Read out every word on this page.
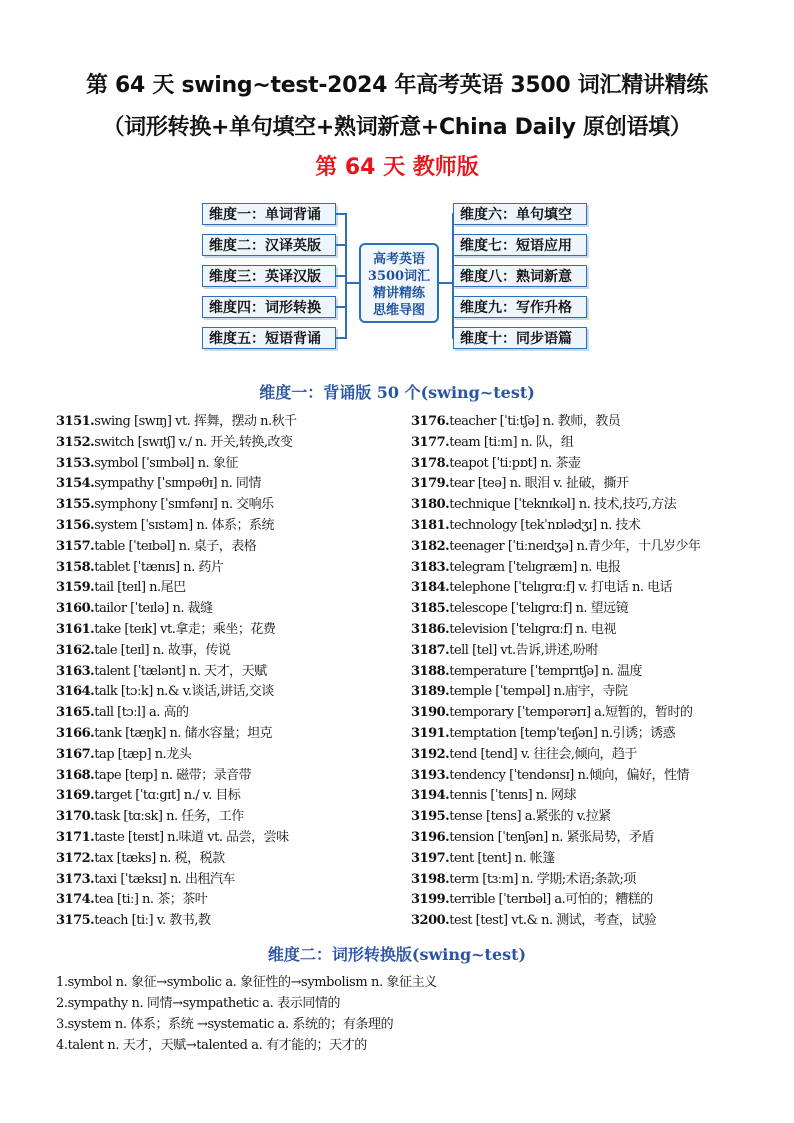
第 64 天 swing~test-2024 年高考英语 3500 词汇精讲精练
（词形转换+单句填空+熟词新意+China Daily 原创语填）
第 64 天 教师版
维度一：单词背诵
维度二：汉译英版
维度三：英译汉版
维度四：词形转换
维度五：短语背诵
高考英语
3500词汇
精讲精练
思维导图
维度六：单句填空
维度七：短语应用
维度八：熟词新意
维度九：写作升格
维度十：同步语篇
维度一：背诵版 50 个(swing~test)
3151.swing [swɪŋ] vt. 挥舞，摆动 n.秋千
3152.switch [swɪtʃ] v./ n. 开关,转换,改变
3153.symbol [ˈsɪmbəl] n. 象征
3154.sympathy [ˈsɪmpəθɪ] n. 同情
3155.symphony [ˈsɪmfənɪ] n. 交响乐
3156.system [ˈsɪstəm] n. 体系；系统
3157.table [ˈteɪbəl] n. 桌子，表格
3158.tablet [ˈtænɪs] n. 药片
3159.tail [teɪl] n.尾巴
3160.tailor [ˈteɪlə] n. 裁缝
3161.take [teɪk] vt.拿走；乘坐；花费
3162.tale [teɪl] n. 故事，传说
3163.talent [ˈtælənt] n. 天才，天赋
3164.talk [tɔːk] n.& v.谈话,讲话,交谈
3165.tall [tɔːl] a. 高的
3166.tank [tæŋk] n. 储水容量；坦克
3167.tap [tæp] n.龙头
3168.tape [teɪp] n. 磁带；录音带
3169.target [ˈtɑːgɪt] n./ v. 目标
3170.task [tɑːsk] n. 任务，工作
3171.taste [teɪst] n.味道 vt. 品尝，尝味
3172.tax [tæks] n. 税，税款
3173.taxi [ˈtæksɪ] n. 出租汽车
3174.tea [tiː] n. 茶；茶叶
3175.teach [tiː] v. 教书,教
3176.teacher [ˈtiːtʃə] n. 教师，教员
3177.team [tiːm] n. 队，组
3178.teapot [ˈtiːpɒt] n. 茶壶
3179.tear [teə] n. 眼泪 v. 扯破，撕开
3180.technique [ˈteknɪkəl] n. 技术,技巧,方法
3181.technology [tekˈnɒlədʒɪ] n. 技术
3182.teenager [ˈtiːneɪdʒə] n.青少年，十几岁少年
3183.telegram [ˈtelɪgræm] n. 电报
3184.telephone [ˈtelɪgrɑːf] v. 打电话 n. 电话
3185.telescope [ˈtelɪgrɑːf] n. 望远镜
3186.television [ˈtelɪgrɑːf] n. 电视
3187.tell [tel] vt.告诉,讲述,吩咐
3188.temperature [ˈtemprɪtʃə] n. 温度
3189.temple [ˈtempəl] n.庙宇，寺院
3190.temporary [ˈtempərərɪ] a.短暂的，暂时的
3191.temptation [tempˈteɪʃən] n.引诱；诱惑
3192.tend [tend] v. 往往会,倾向，趋于
3193.tendency [ˈtendənsɪ] n.倾向，偏好，性情
3194.tennis [ˈtenɪs] n. 网球
3195.tense [tens] a.紧张的 v.拉紧
3196.tension [ˈtenʃən] n. 紧张局势，矛盾
3197.tent [tent] n. 帐篷
3198.term [tɜːm] n. 学期;术语;条款;项
3199.terrible [ˈterɪbəl] a.可怕的；糟糕的
3200.test [test] vt.& n. 测试，考查，试验
维度二：词形转换版(swing~test)
1.symbol n. 象征→symbolic a. 象征性的→symbolism n. 象征主义
2.sympathy n. 同情→sympathetic a. 表示同情的
3.system n. 体系；系统 →systematic a. 系统的；有条理的
4.talent n. 天才，天赋→talented a. 有才能的；天才的
